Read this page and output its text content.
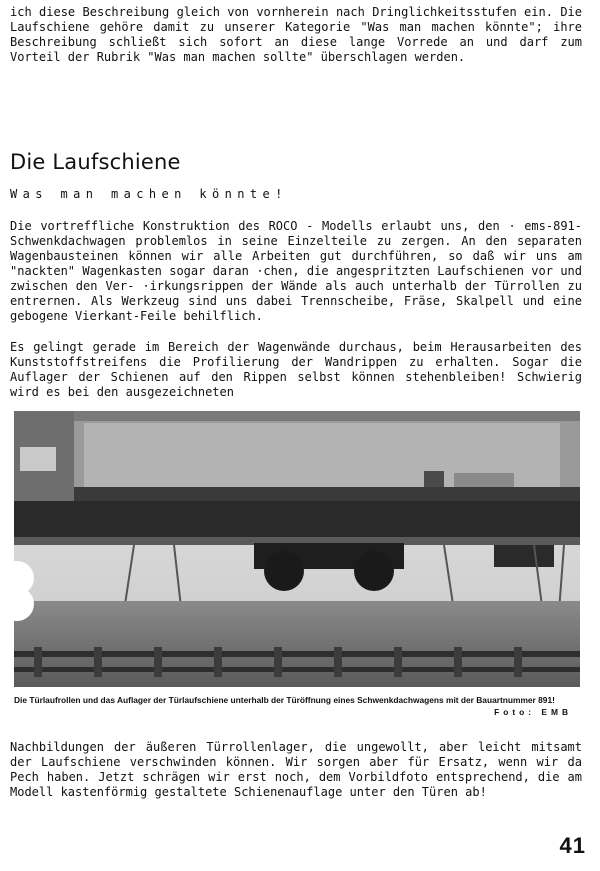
ich diese Beschreibung gleich von vornherein nach Dringlichkeitsstufen ein. Die Laufschiene gehöre damit zu unserer Kategorie "Was man machen könnte"; ihre Beschreibung schließt sich sofort an diese lange Vorrede an und darf zum Vorteil der Rubrik "Was man machen sollte" überschlagen werden.
Die Laufschiene
Was man machen könnte!
Die vortreffliche Konstruktion des ROCO - Modells erlaubt uns, den ⋅ ems-891-Schwenkdachwagen problemlos in seine Einzelteile zu zergen. An den separaten Wagenbausteinen können wir alle Arbeiten gut durchführen, so daß wir uns am "nackten" Wagenkasten sogar daran ⋅chen, die angespritzten Laufschienen vor und zwischen den Ver- ⋅irkungsrippen der Wände als auch unterhalb der Türrollen zu entrernen. Als Werkzeug sind uns dabei Trennscheibe, Fräse, Skalpell und eine gebogene Vierkant-Feile behilflich.
Es gelingt gerade im Bereich der Wagenwände durchaus, beim Herausarbeiten des Kunststoffstreifens die Profilierung der Wandrippen zu erhalten. Sogar die Auflager der Schienen auf den Rippen selbst können stehenbleiben! Schwierig wird es bei den ausgezeichneten
Die Türlaufrollen und das Auflager der Türlaufschiene unterhalb der Türöffnung eines Schwenkdachwagens mit der Bauartnummer 891!
Foto: EMB
Nachbildungen der äußeren Türrollenlager, die ungewollt, aber leicht mitsamt der Laufschiene verschwinden können. Wir sorgen aber für Ersatz, wenn wir da Pech haben. Jetzt schrägen wir erst noch, dem Vorbildfoto entsprechend, die am Modell kastenförmig gestaltete Schienenauflage unter den Türen ab!
41
